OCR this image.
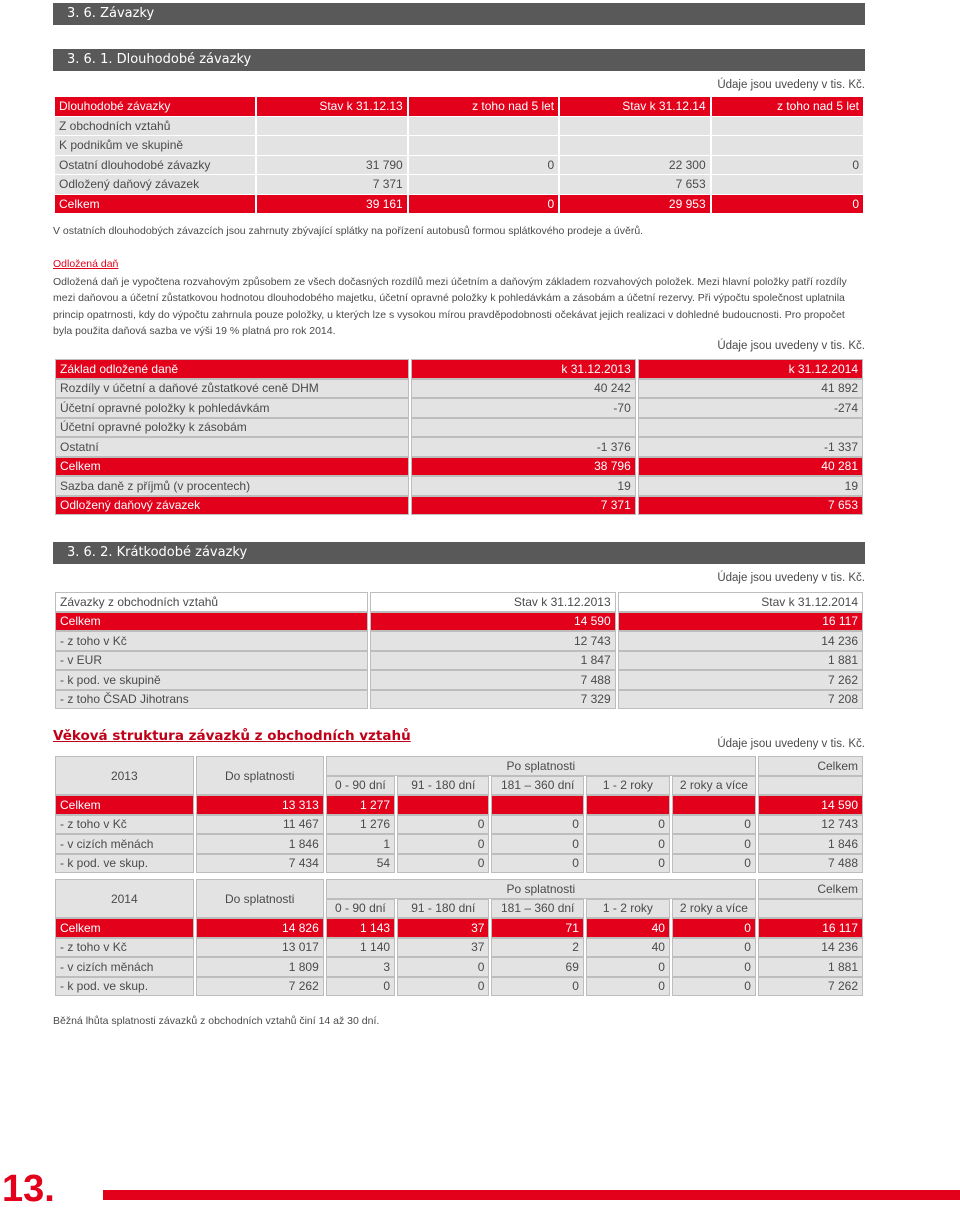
3. 6. Závazky
3. 6. 1. Dlouhodobé závazky
Údaje jsou uvedeny v tis. Kč.
Dlouhodobé závazky	Stav k 31.12.13	z toho nad 5 let	Stav k 31.12.14	z toho nad 5 let
Z obchodních vztahů				
K podnikům ve skupině				
Ostatní dlouhodobé závazky	31 790	0	22 300	0
Odložený daňový závazek	7 371		7 653	
Celkem	39 161	0	29 953	0
V ostatních dlouhodobých závazcích jsou zahrnuty zbývající splátky na pořízení autobusů formou splátkového prodeje a úvěrů.
Odložená daň
Odložená daň je vypočtena rozvahovým způsobem ze všech dočasných rozdílů mezi účetním a daňovým základem rozvahových položek. Mezi hlavní položky patří rozdíly mezi daňovou a účetní zůstatkovou hodnotou dlouhodobého majetku, účetní opravné položky k pohledávkám a zásobám a účetní rezervy. Při výpočtu společnost uplatnila princip opatrnosti, kdy do výpočtu zahrnula pouze položky, u kterých lze s vysokou mírou pravděpodobnosti očekávat jejich realizaci v dohledné budoucnosti. Pro propočet byla použita daňová sazba ve výši 19 % platná pro rok 2014.
Údaje jsou uvedeny v tis. Kč.
Základ odložené daně	k 31.12.2013	k 31.12.2014
Rozdíly v účetní a daňové zůstatkové ceně DHM	40 242	41 892
Účetní opravné položky k pohledávkám	-70	-274
Účetní opravné položky k zásobám		
Ostatní	-1 376	-1 337
Celkem	38 796	40 281
Sazba daně z příjmů (v procentech)	19	19
Odložený daňový závazek	7 371	7 653
3. 6. 2. Krátkodobé závazky
Údaje jsou uvedeny v tis. Kč.
Závazky z obchodních vztahů	Stav k 31.12.2013	Stav k 31.12.2014
Celkem	14 590	16 117
- z toho v Kč	12 743	14 236
- v EUR	1 847	1 881
- k pod. ve skupině	7 488	7 262
- z toho ČSAD Jihotrans	7 329	7 208
Věková struktura závazků z obchodních vztahů	Údaje jsou uvedeny v tis. Kč.
2013	Do splatnosti	Po splatnosti					Celkem
		0 - 90 dní	91 - 180 dní	181 – 360 dní	1 - 2 roky	2 roky a více	
Celkem	13 313	1 277					14 590
- z toho v Kč	11 467	1 276	0	0	0	0	12 743
- v cizích měnách	1 846	1	0	0	0	0	1 846
- k pod. ve skup.	7 434	54	0	0	0	0	7 488
2014	Do splatnosti	Po splatnosti					Celkem
		0 - 90 dní	91 - 180 dní	181 – 360 dní	1 - 2 roky	2 roky a více	
Celkem	14 826	1 143	37	71	40	0	16 117
- z toho v Kč	13 017	1 140	37	2	40	0	14 236
- v cizích měnách	1 809	3	0	69	0	0	1 881
- k pod. ve skup.	7 262	0	0	0	0	0	7 262
Běžná lhůta splatnosti závazků z obchodních vztahů činí 14 až 30 dní.
13.
